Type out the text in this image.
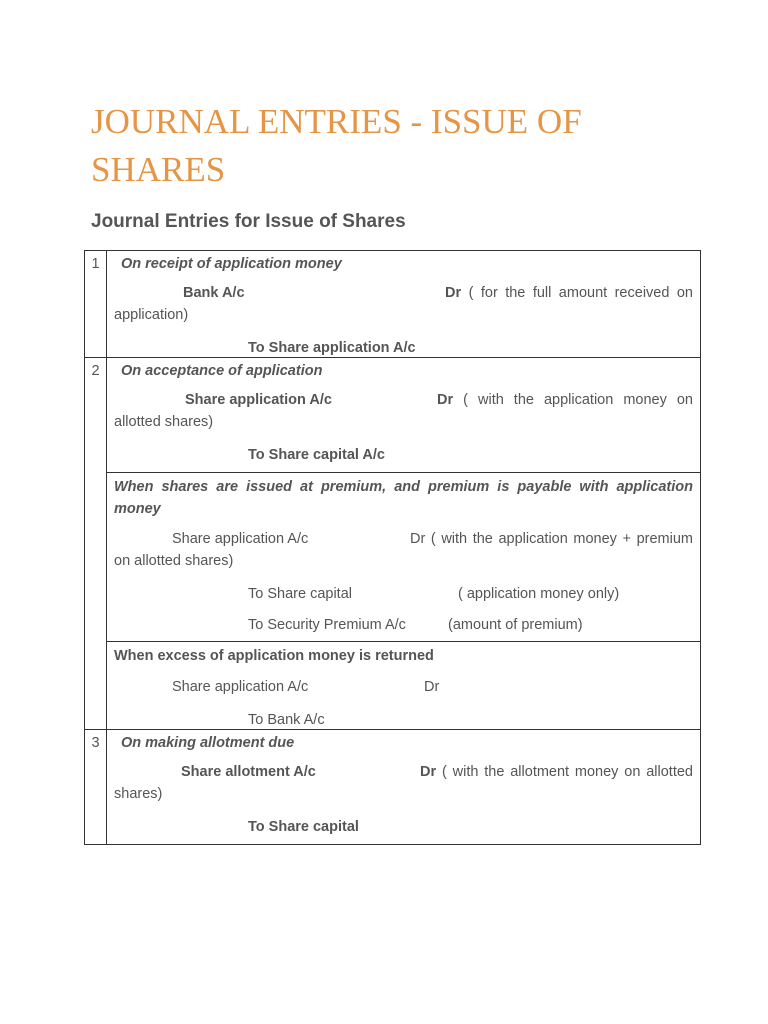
JOURNAL ENTRIES - ISSUE OF SHARES
Journal Entries for Issue of Shares
1	On receipt of application money
Bank A/c Dr ( for the full amount received on application)
To Share application A/c

2	On acceptance of application
Share application A/c Dr ( with the application money on allotted shares)
To Share capital A/c

	When shares are issued at premium, and premium is payable with application money
Share application A/c Dr ( with the application money + premium on allotted shares)
To Share capital ( application money only)
To Security Premium A/c (amount of premium)

	When excess of application money is returned
Share application A/c Dr
To Bank A/c

3	On making allotment due
Share allotment A/c Dr ( with the allotment money on allotted shares)
To Share capital
